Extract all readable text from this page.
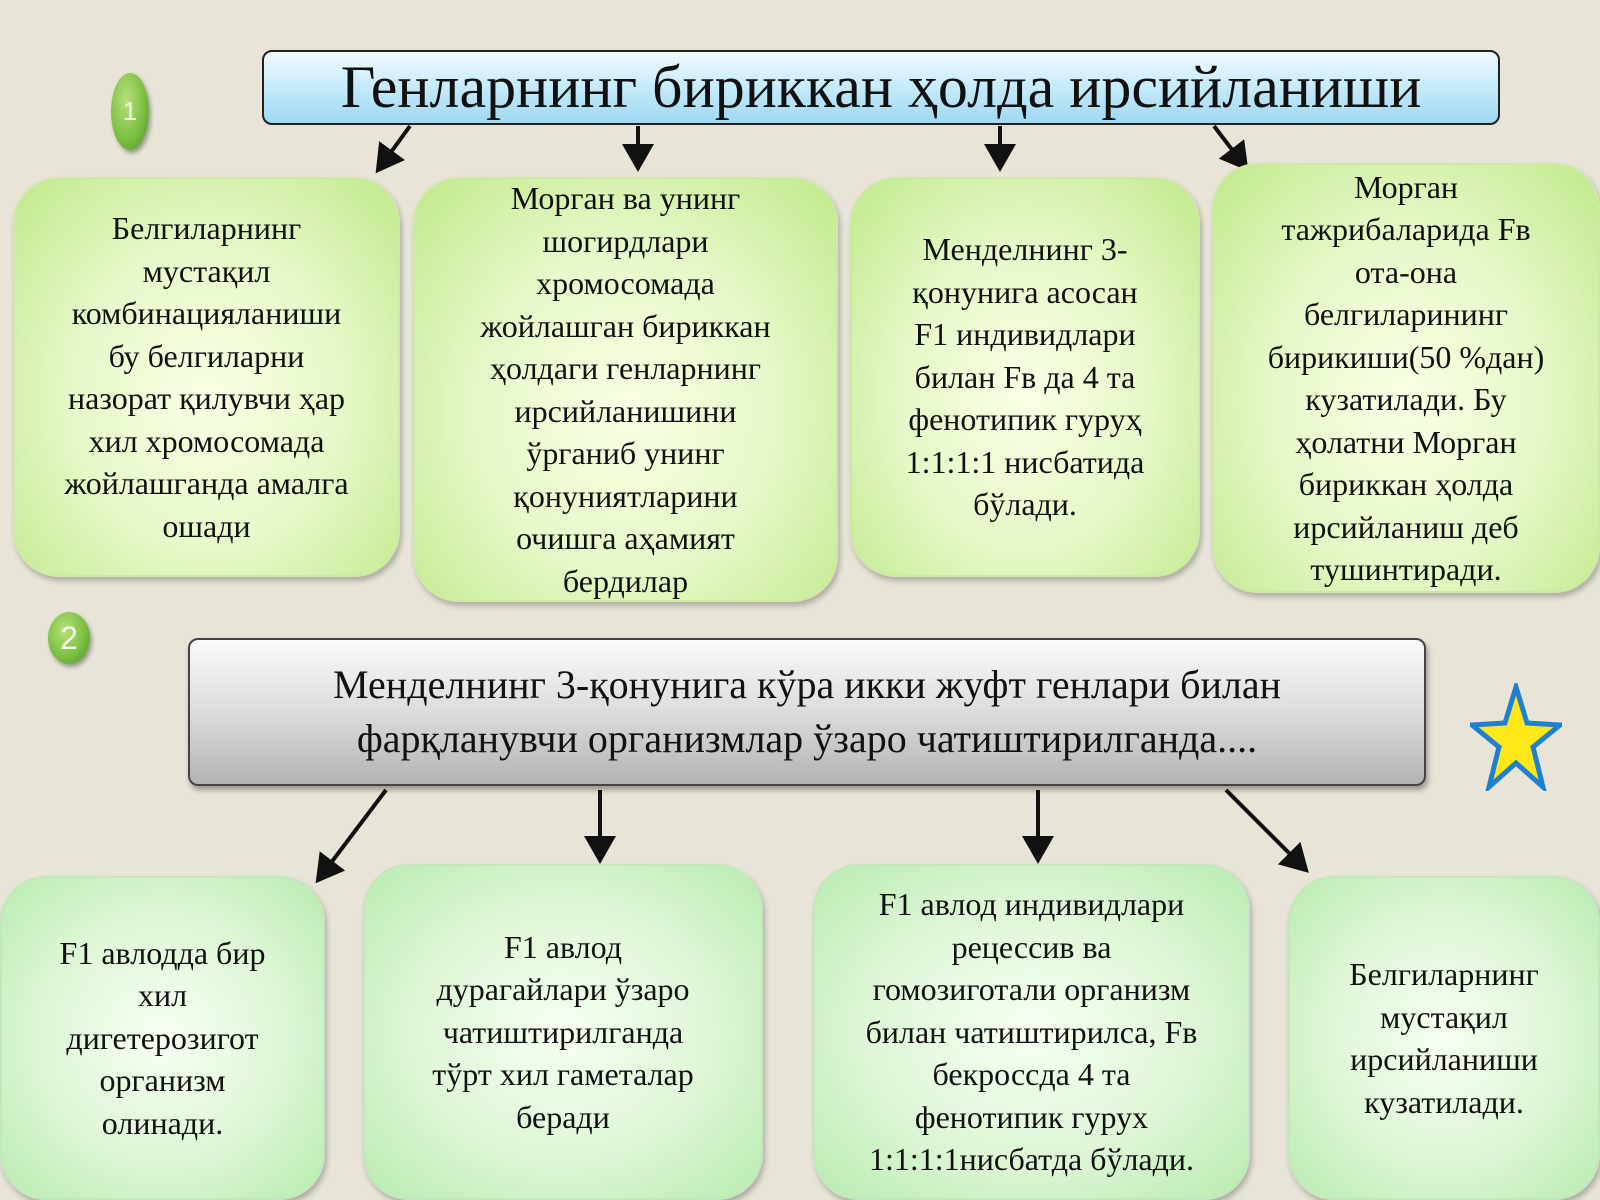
1
2
Генларнинг бириккан ҳолда ирсийланиши
Белгиларнинг
мустақил
комбинацияланиши
бу белгиларни
назорат қилувчи ҳар
хил хромосомада
жойлашганда амалга
ошади
Морган ва унинг
шогирдлари
хромосомада
жойлашган бириккан
ҳолдаги генларнинг
ирсийланишини
ўрганиб унинг
қонуниятларини
очишга аҳамият
бердилар
Менделнинг 3-
қонунига асосан
F1 индивидлари
билан Fв да 4 та
фенотипик гуруҳ
1:1:1:1 нисбатида
бўлади.
Морган
тажрибаларида Fв
ота-она
белгиларининг
бирикиши(50 %дан)
кузатилади. Бу
ҳолатни Морган
бириккан ҳолда
ирсийланиш деб
тушинтиради.
Менделнинг 3-қонунига кўра икки жуфт генлари билан фарқланувчи организмлар ўзаро чатиштирилганда....
F1 авлодда бир
хил
дигетерозигот
организм
олинади.
F1 авлод
дурагайлари ўзаро
чатиштирилганда
тўрт хил гаметалар
беради
F1 авлод индивидлари
рецессив ва
гомозиготали организм
билан чатиштирилса, Fв
бекроссда 4 та
фенотипик гурух
1:1:1:1нисбатда бўлади.
Белгиларнинг
мустақил
ирсийланиши
кузатилади.
